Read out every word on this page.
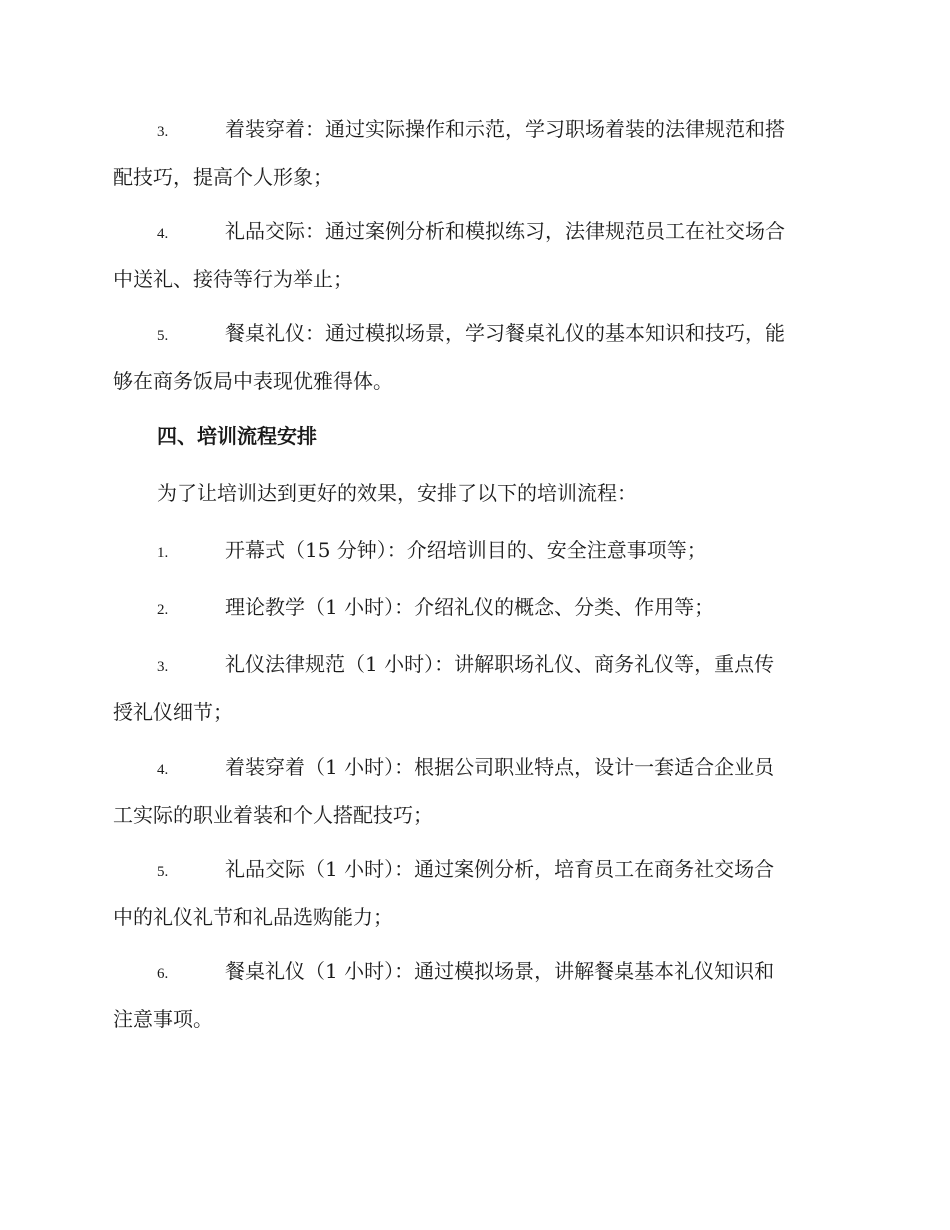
3.	着装穿着：通过实际操作和示范，学习职场着装的法律规范和搭
配技巧，提高个人形象；
4.	礼品交际：通过案例分析和模拟练习，法律规范员工在社交场合
中送礼、接待等行为举止；
5.	餐桌礼仪：通过模拟场景，学习餐桌礼仪的基本知识和技巧，能
够在商务饭局中表现优雅得体。
四、培训流程安排
为了让培训达到更好的效果，安排了以下的培训流程：
1.	开幕式（15 分钟）：介绍培训目的、安全注意事项等；
2.	理论教学（1 小时）：介绍礼仪的概念、分类、作用等；
3.	礼仪法律规范（1 小时）：讲解职场礼仪、商务礼仪等，重点传
授礼仪细节；
4.	着装穿着（1 小时）：根据公司职业特点，设计一套适合企业员
工实际的职业着装和个人搭配技巧；
5.	礼品交际（1 小时）：通过案例分析，培育员工在商务社交场合
中的礼仪礼节和礼品选购能力；
6.	餐桌礼仪（1 小时）：通过模拟场景，讲解餐桌基本礼仪知识和
注意事项。
